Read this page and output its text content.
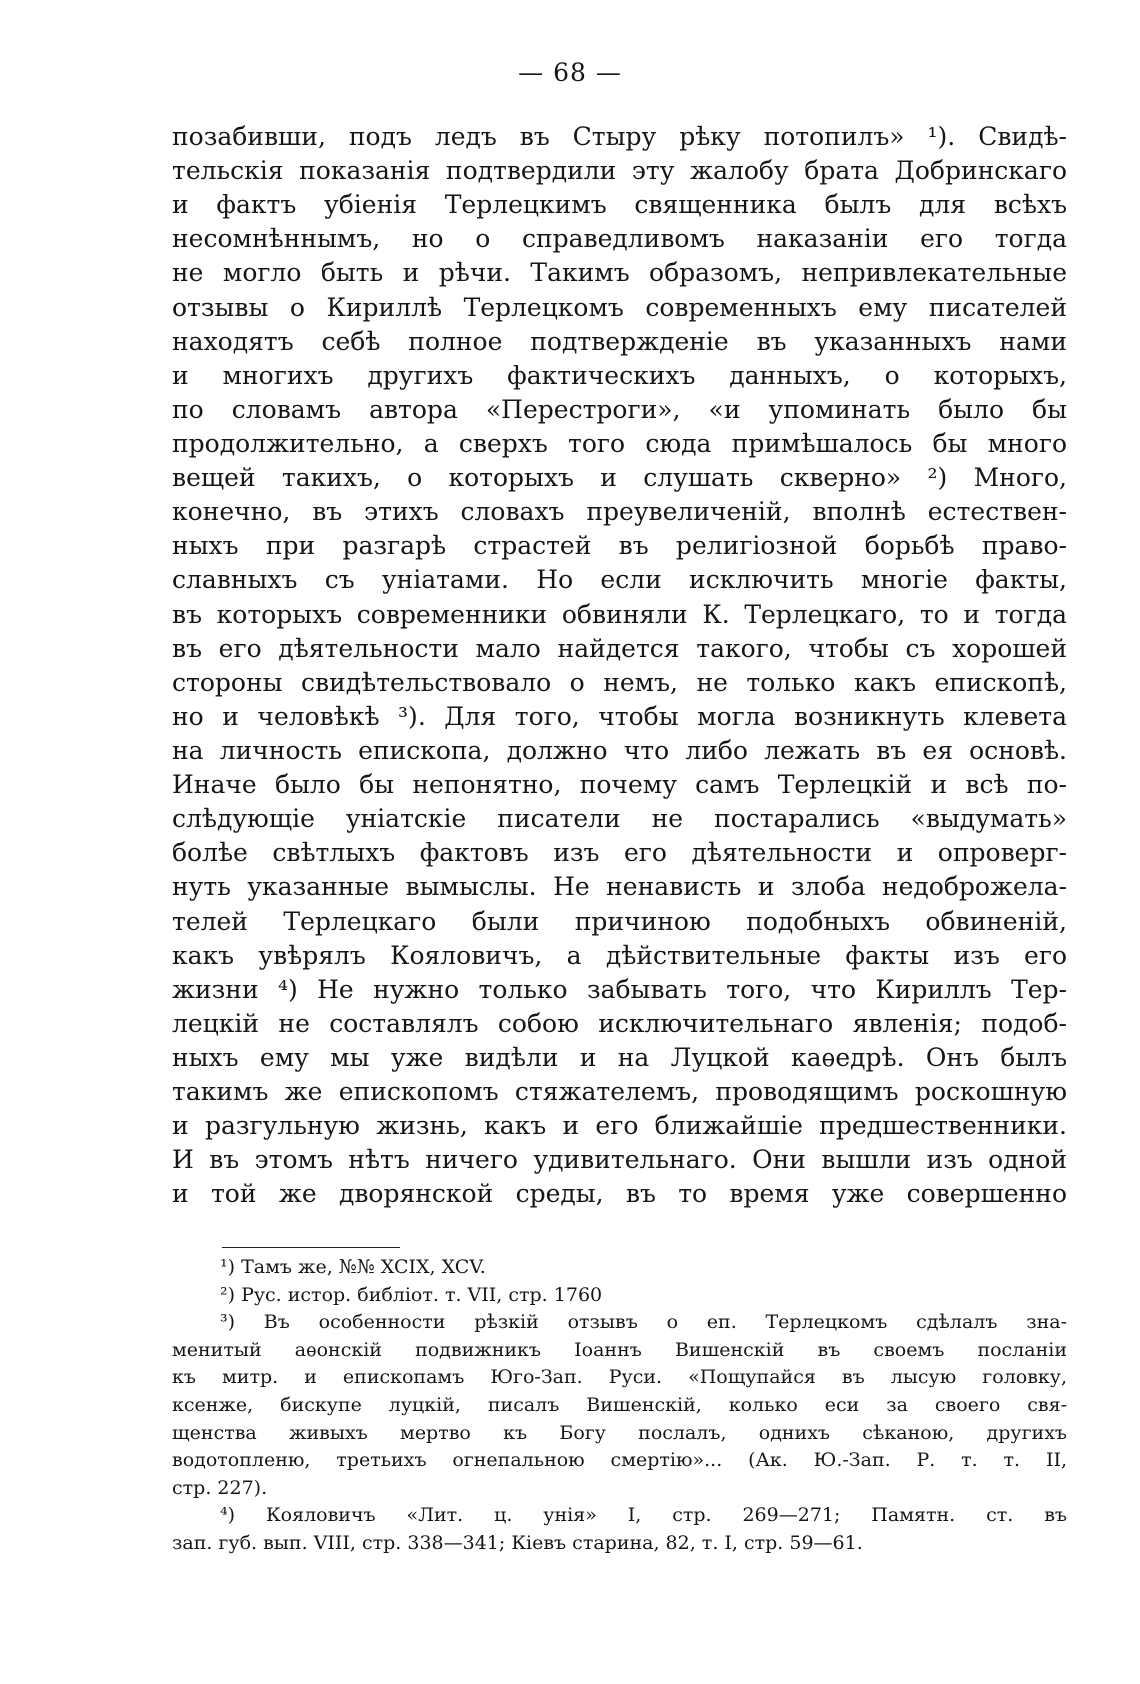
— 68 —
позабивши, подъ ледъ въ Стыру рѣку потопилъ» ¹). Свидѣ-
тельскія показанія подтвердили эту жалобу брата Добринскаго
и фактъ убіенія Терлецкимъ священника былъ для всѣхъ
несомнѣннымъ, но о справедливомъ наказаніи его тогда
не могло быть и рѣчи. Такимъ образомъ, непривлекательные
отзывы о Кириллѣ Терлецкомъ современныхъ ему писателей
находятъ себѣ полное подтвержденіе въ указанныхъ нами
и многихъ другихъ фактическихъ данныхъ, о которыхъ,
по словамъ автора «Перестроги», «и упоминать было бы
продолжительно, а сверхъ того сюда примѣшалось бы много
вещей такихъ, о которыхъ и слушать скверно» ²) Много,
конечно, въ этихъ словахъ преувеличеній, вполнѣ естествен-
ныхъ при разгарѣ страстей въ религіозной борьбѣ право-
славныхъ съ уніатами. Но если исключить многіе факты,
въ которыхъ современники обвиняли К. Терлецкаго, то и тогда
въ его дѣятельности мало найдется такого, чтобы съ хорошей
стороны свидѣтельствовало о немъ, не только какъ епископѣ,
но и человѣкѣ ³). Для того, чтобы могла возникнуть клевета
на личность епископа, должно что либо лежать въ ея основѣ.
Иначе было бы непонятно, почему самъ Терлецкій и всѣ по-
слѣдующіе уніатскіе писатели не постарались «выдумать»
болѣе свѣтлыхъ фактовъ изъ его дѣятельности и опроверг-
нуть указанные вымыслы. Не ненависть и злоба недоброжела-
телей Терлецкаго были причиною подобныхъ обвиненій,
какъ увѣрялъ Кояловичъ, а дѣйствительные факты изъ его
жизни ⁴) Не нужно только забывать того, что Кириллъ Тер-
лецкій не составлялъ собою исключительнаго явленія; подоб-
ныхъ ему мы уже видѣли и на Луцкой каѳедрѣ. Онъ былъ
такимъ же епископомъ стяжателемъ, проводящимъ роскошную
и разгульную жизнь, какъ и его ближайшіе предшественники.
И въ этомъ нѣтъ ничего удивительнаго. Они вышли изъ одной
и той же дворянской среды, въ то время уже совершенно
¹) Тамъ же, №№ XCIX, XCV.
²) Рус. истор. библіот. т. VII, стр. 1760
³) Въ особенности рѣзкій отзывъ о еп. Терлецкомъ сдѣлалъ зна-
менитый аѳонскій подвижникъ Іоаннъ Вишенскій въ своемъ посланіи
къ митр. и епископамъ Юго-Зап. Руси. «Пощупайся въ лысую головку,
ксенже, бискупе луцкій, писалъ Вишенскій, колько еси за своего свя-
щенства живыхъ мертво къ Богу послалъ, однихъ сѣканою, другихъ
водотопленю, третьихъ огнепальною смертію»... (Ак. Ю.-Зап. Р. т. т. II,
стр. 227).
⁴) Кояловичъ «Лит. ц. унія» I, стр. 269—271; Памятн. ст. въ
зап. губ. вып. VIII, стр. 338—341; Кіевъ старина, 82, т. I, стр. 59—61.
